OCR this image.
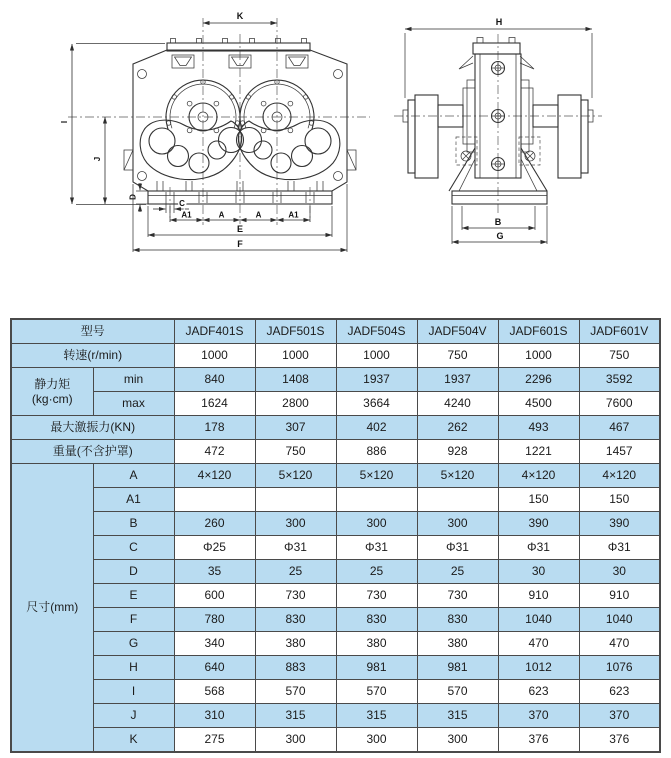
K
I
J
D
C
A1	A	A	A1
E
F
H
B
G
型号		JADF401S	JADF501S	JADF504S	JADF504V	JADF601S	JADF601V
转速(r/min)		1000	1000	1000	750	1000	750

静力矩
(kg·cm)	min	840	1408	1937	1937	2296	3592
	max	1624	2800	3664	4240	4500	7600
最大激振力(KN)		178	307	402	262	493	467
重量(不含护罩)		472	750	886	928	1221	1457
尺寸(mm)	A	4×120	5×120	5×120	5×120	4×120	4×120
	A1					150	150
	B	260	300	300	300	390	390
	C	Φ25	Φ31	Φ31	Φ31	Φ31	Φ31
	D	35	25	25	25	30	30
	E	600	730	730	730	910	910
	F	780	830	830	830	1040	1040
	G	340	380	380	380	470	470
	H	640	883	981	981	1012	1076
	I	568	570	570	570	623	623
	J	310	315	315	315	370	370
	K	275	300	300	300	376	376
